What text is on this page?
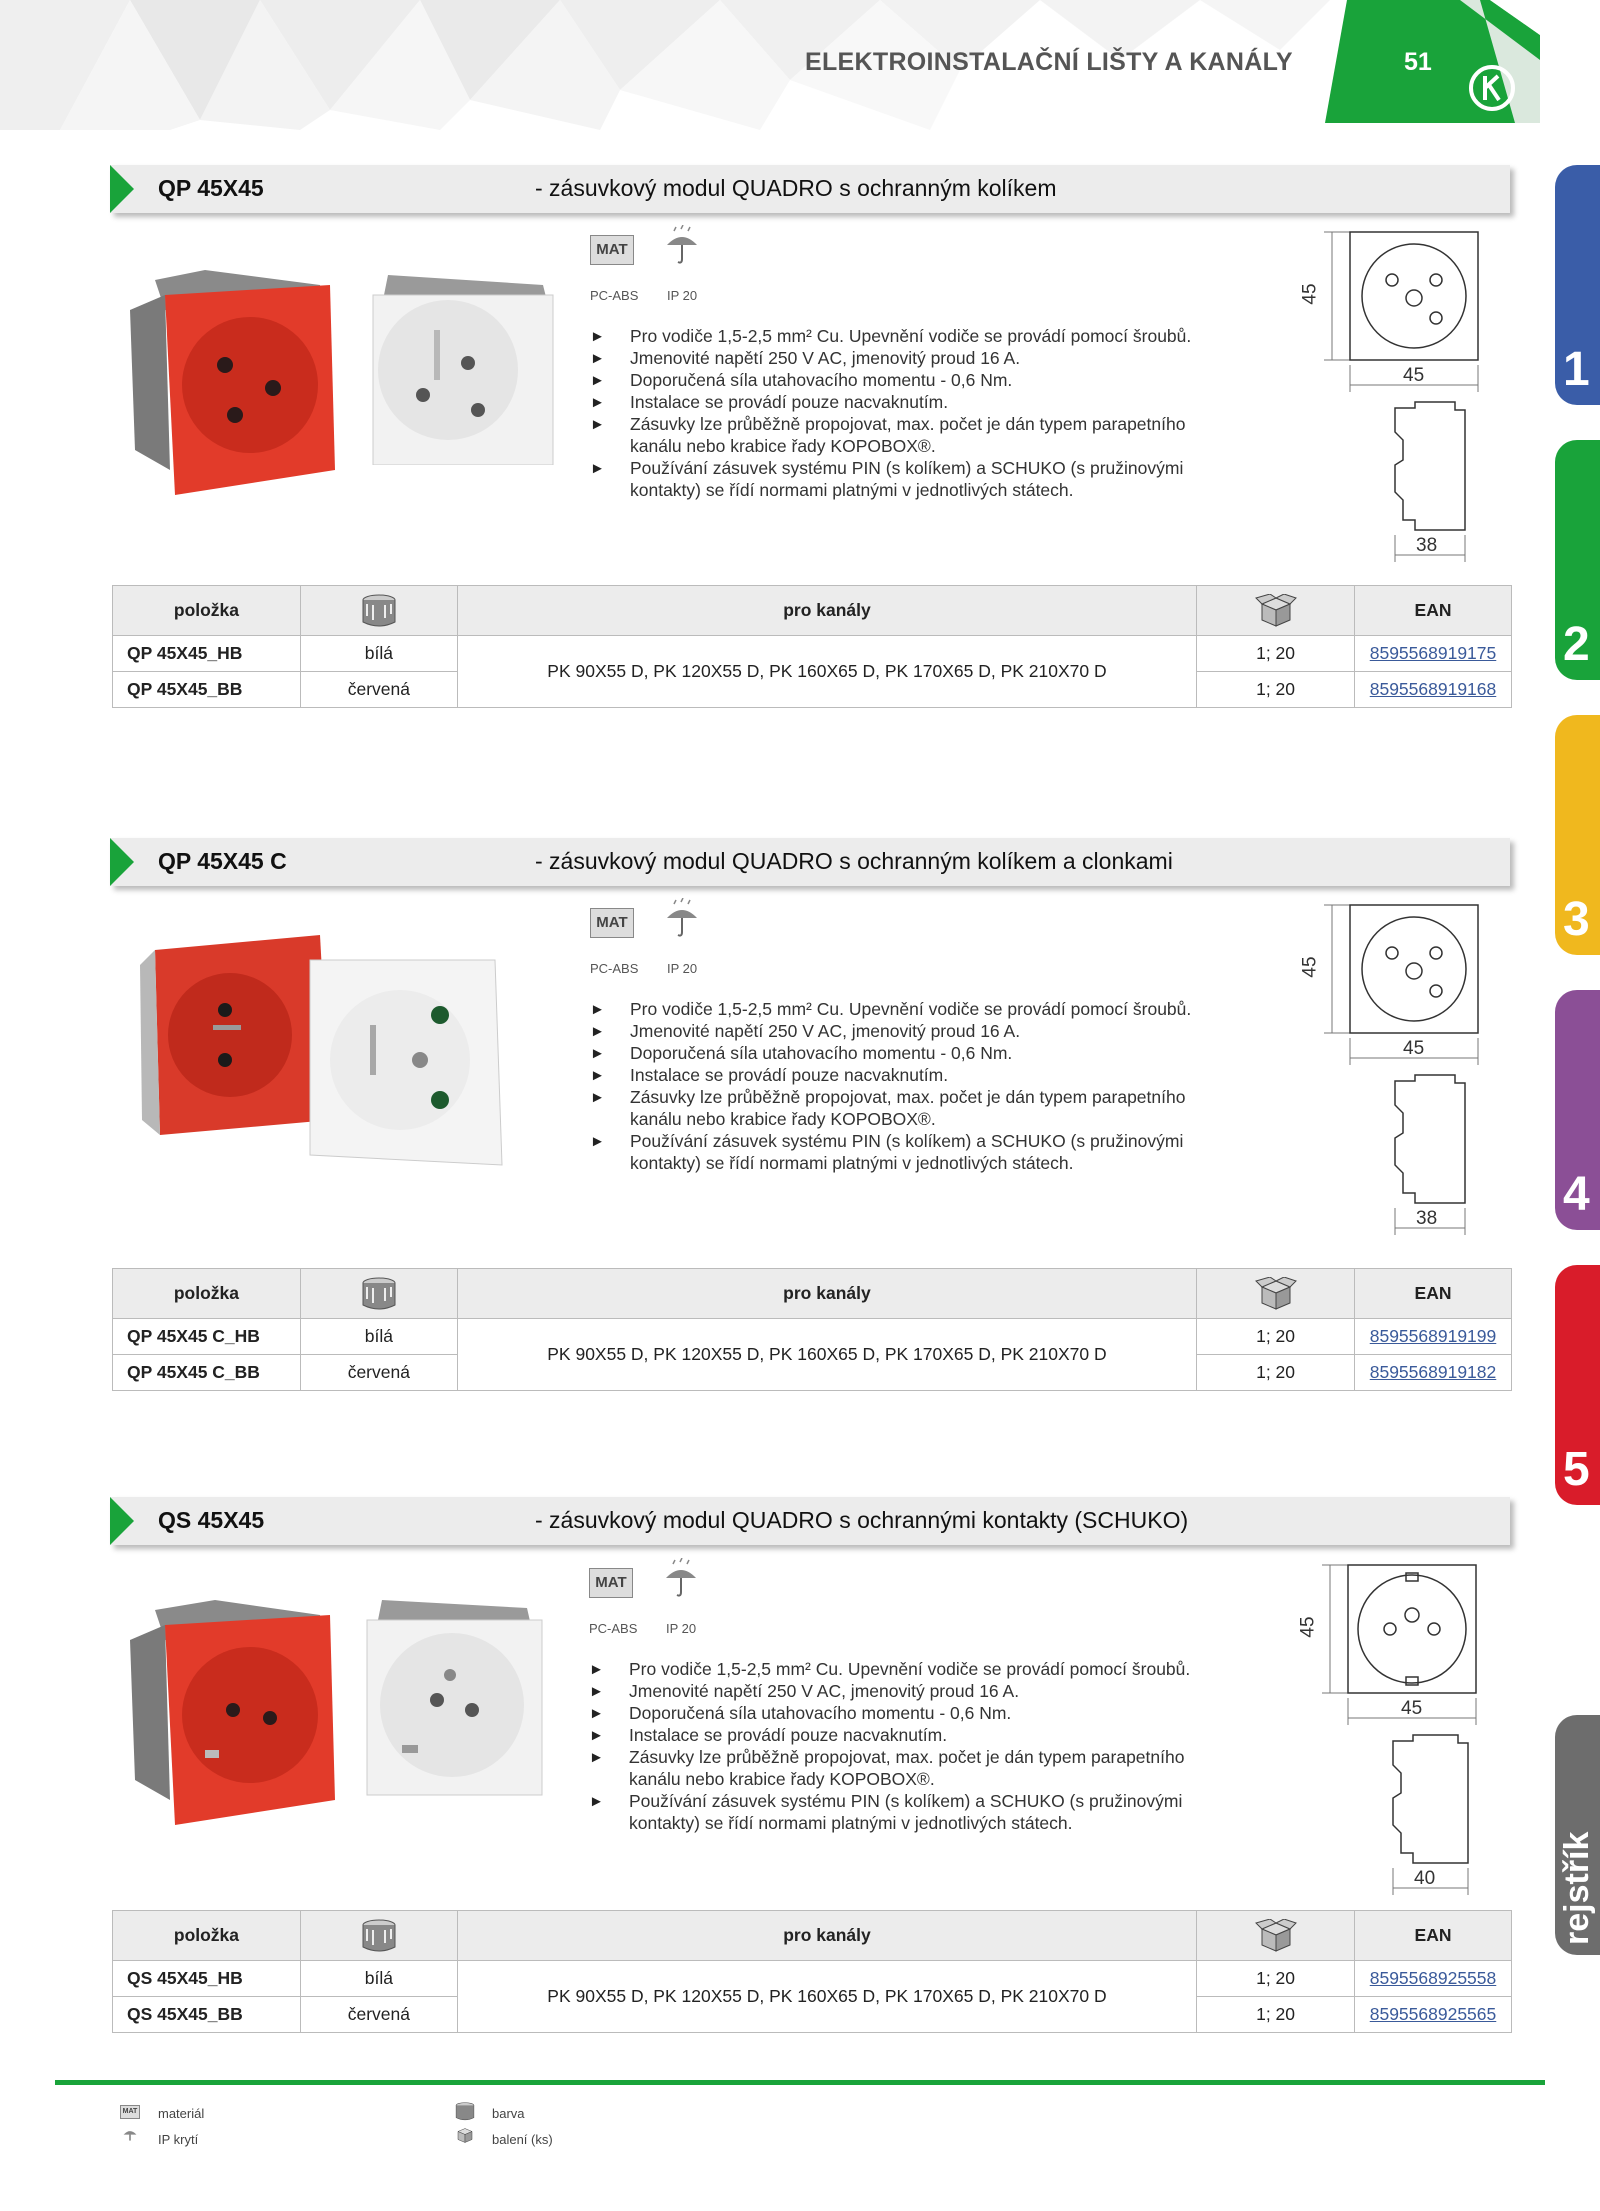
ELEKTROINSTALAČNÍ LIŠTY A KANÁLY	51
1
2
3
4
5
rejstřík
QP 45X45	- zásuvkový modul QUADRO s ochranným kolíkem
MAT
PC-ABS IP 20
► Pro vodiče 1,5-2,5 mm² Cu. Upevnění vodiče se provádí pomocí šroubů.
► Jmenovité napětí 250 V AC, jmenovitý proud 16 A.
► Doporučená síla utahovacího momentu - 0,6 Nm.
► Instalace se provádí pouze nacvaknutím.
► Zásuvky lze průběžně propojovat, max. počet je dán typem parapetního kanálu nebo krabice řady KOPOBOX®.
► Používání zásuvek systému PIN (s kolíkem) a SCHUKO (s pružinovými kontakty) se řídí normami platnými v jednotlivých státech.
45
45
38
položka		pro kanály		EAN
QP 45X45_HB	bílá	PK 90X55 D, PK 120X55 D, PK 160X65 D, PK 170X65 D, PK 210X70 D	1; 20	8595568919175
QP 45X45_BB	červená		1; 20	8595568919168
QP 45X45 C	- zásuvkový modul QUADRO s ochranným kolíkem a clonkami
MAT
PC-ABS IP 20
► Pro vodiče 1,5-2,5 mm² Cu. Upevnění vodiče se provádí pomocí šroubů.
► Jmenovité napětí 250 V AC, jmenovitý proud 16 A.
► Doporučená síla utahovacího momentu - 0,6 Nm.
► Instalace se provádí pouze nacvaknutím.
► Zásuvky lze průběžně propojovat, max. počet je dán typem parapetního kanálu nebo krabice řady KOPOBOX®.
► Používání zásuvek systému PIN (s kolíkem) a SCHUKO (s pružinovými kontakty) se řídí normami platnými v jednotlivých státech.
45
45
38
položka		pro kanály		EAN
QP 45X45 C_HB	bílá	PK 90X55 D, PK 120X55 D, PK 160X65 D, PK 170X65 D, PK 210X70 D	1; 20	8595568919199
QP 45X45 C_BB	červená		1; 20	8595568919182
QS 45X45	- zásuvkový modul QUADRO s ochrannými kontakty (SCHUKO)
MAT
PC-ABS IP 20
► Pro vodiče 1,5-2,5 mm² Cu. Upevnění vodiče se provádí pomocí šroubů.
► Jmenovité napětí 250 V AC, jmenovitý proud 16 A.
► Doporučená síla utahovacího momentu - 0,6 Nm.
► Instalace se provádí pouze nacvaknutím.
► Zásuvky lze průběžně propojovat, max. počet je dán typem parapetního kanálu nebo krabice řady KOPOBOX®.
► Používání zásuvek systému PIN (s kolíkem) a SCHUKO (s pružinovými kontakty) se řídí normami platnými v jednotlivých státech.
45
45
40
položka		pro kanály		EAN
QS 45X45_HB	bílá	PK 90X55 D, PK 120X55 D, PK 160X65 D, PK 170X65 D, PK 210X70 D	1; 20	8595568925558
QS 45X45_BB	červená		1; 20	8595568925565
MAT materiál
IP krytí
barva
balení (ks)
